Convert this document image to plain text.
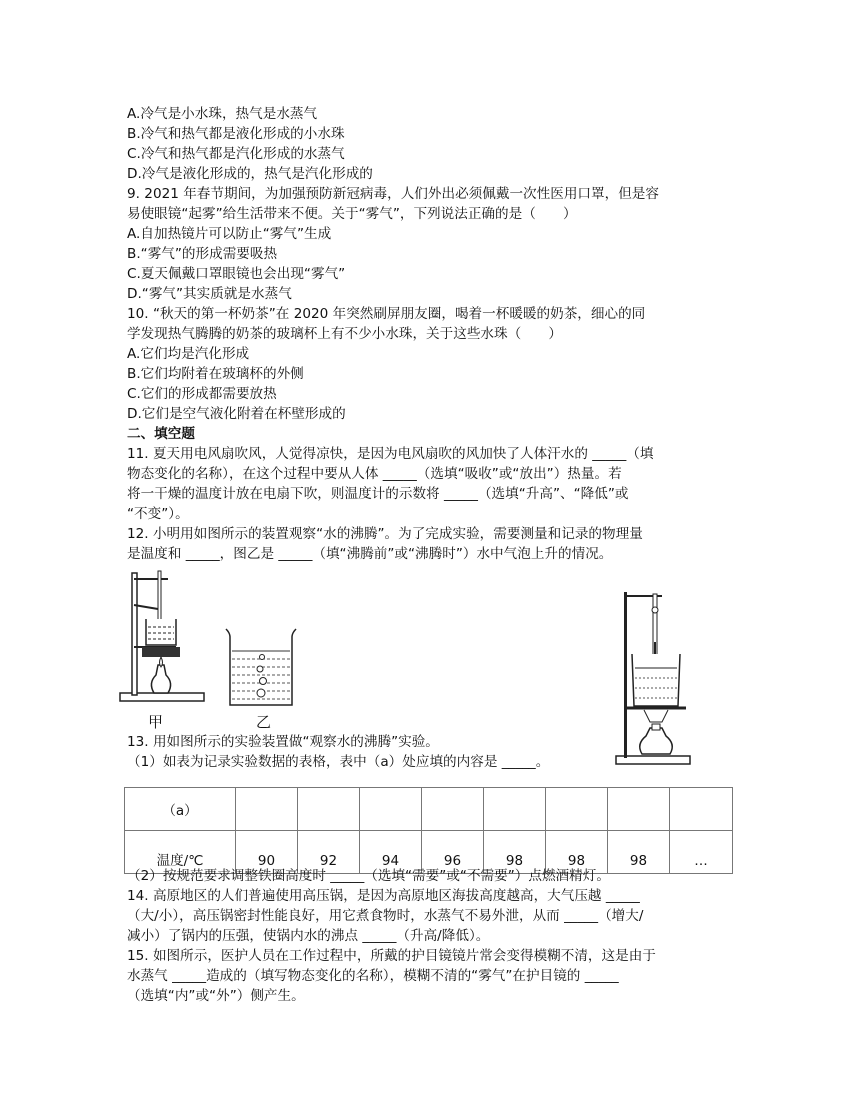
A.冷气是小水珠，热气是水蒸气
B.冷气和热气都是液化形成的小水珠
C.冷气和热气都是汽化形成的水蒸气
D.冷气是液化形成的，热气是汽化形成的
9. 2021 年春节期间，为加强预防新冠病毒，人们外出必须佩戴一次性医用口罩，但是容
易使眼镜“起雾”给生活带来不便。关于“雾气”，下列说法正确的是（　　）
A.自加热镜片可以防止“雾气”生成
B.“雾气”的形成需要吸热
C.夏天佩戴口罩眼镜也会出现“雾气”
D.“雾气”其实质就是水蒸气
10. “秋天的第一杯奶茶”在 2020 年突然刷屏朋友圈，喝着一杯暖暖的奶茶，细心的同
学发现热气腾腾的奶茶的玻璃杯上有不少小水珠，关于这些水珠（　　）
A.它们均是汽化形成
B.它们均附着在玻璃杯的外侧
C.它们的形成都需要放热
D.它们是空气液化附着在杯壁形成的
二、填空题
11. 夏天用电风扇吹风，人觉得凉快，是因为电风扇吹的风加快了人体汗水的 _____（填
物态变化的名称），在这个过程中要从人体 _____（选填“吸收”或“放出”）热量。若
将一干燥的温度计放在电扇下吹，则温度计的示数将 _____（选填“升高”、“降低”或
“不变”）。
12. 小明用如图所示的装置观察“水的沸腾”。为了完成实验，需要测量和记录的物理量
是温度和 _____，图乙是 _____（填“沸腾前”或“沸腾时”）水中气泡上升的情况。
甲	乙
13. 用如图所示的实验装置做“观察水的沸腾”实验。
（1）如表为记录实验数据的表格，表中（a）处应填的内容是 _____。
（a）								
温度/℃	90	92	94	96	98	98	98	…
（2）按规范要求调整铁圈高度时 _____（选填“需要”或“不需要”）点燃酒精灯。
14. 高原地区的人们普遍使用高压锅，是因为高原地区海拔高度越高，大气压越 _____
（大/小），高压锅密封性能良好，用它煮食物时，水蒸气不易外泄，从而 _____（增大/
减小）了锅内的压强，使锅内水的沸点 _____（升高/降低）。
15. 如图所示，医护人员在工作过程中，所戴的护目镜镜片常会变得模糊不清，这是由于
水蒸气 _____造成的（填写物态变化的名称），模糊不清的“雾气”在护目镜的 _____
（选填“内”或“外”）侧产生。
